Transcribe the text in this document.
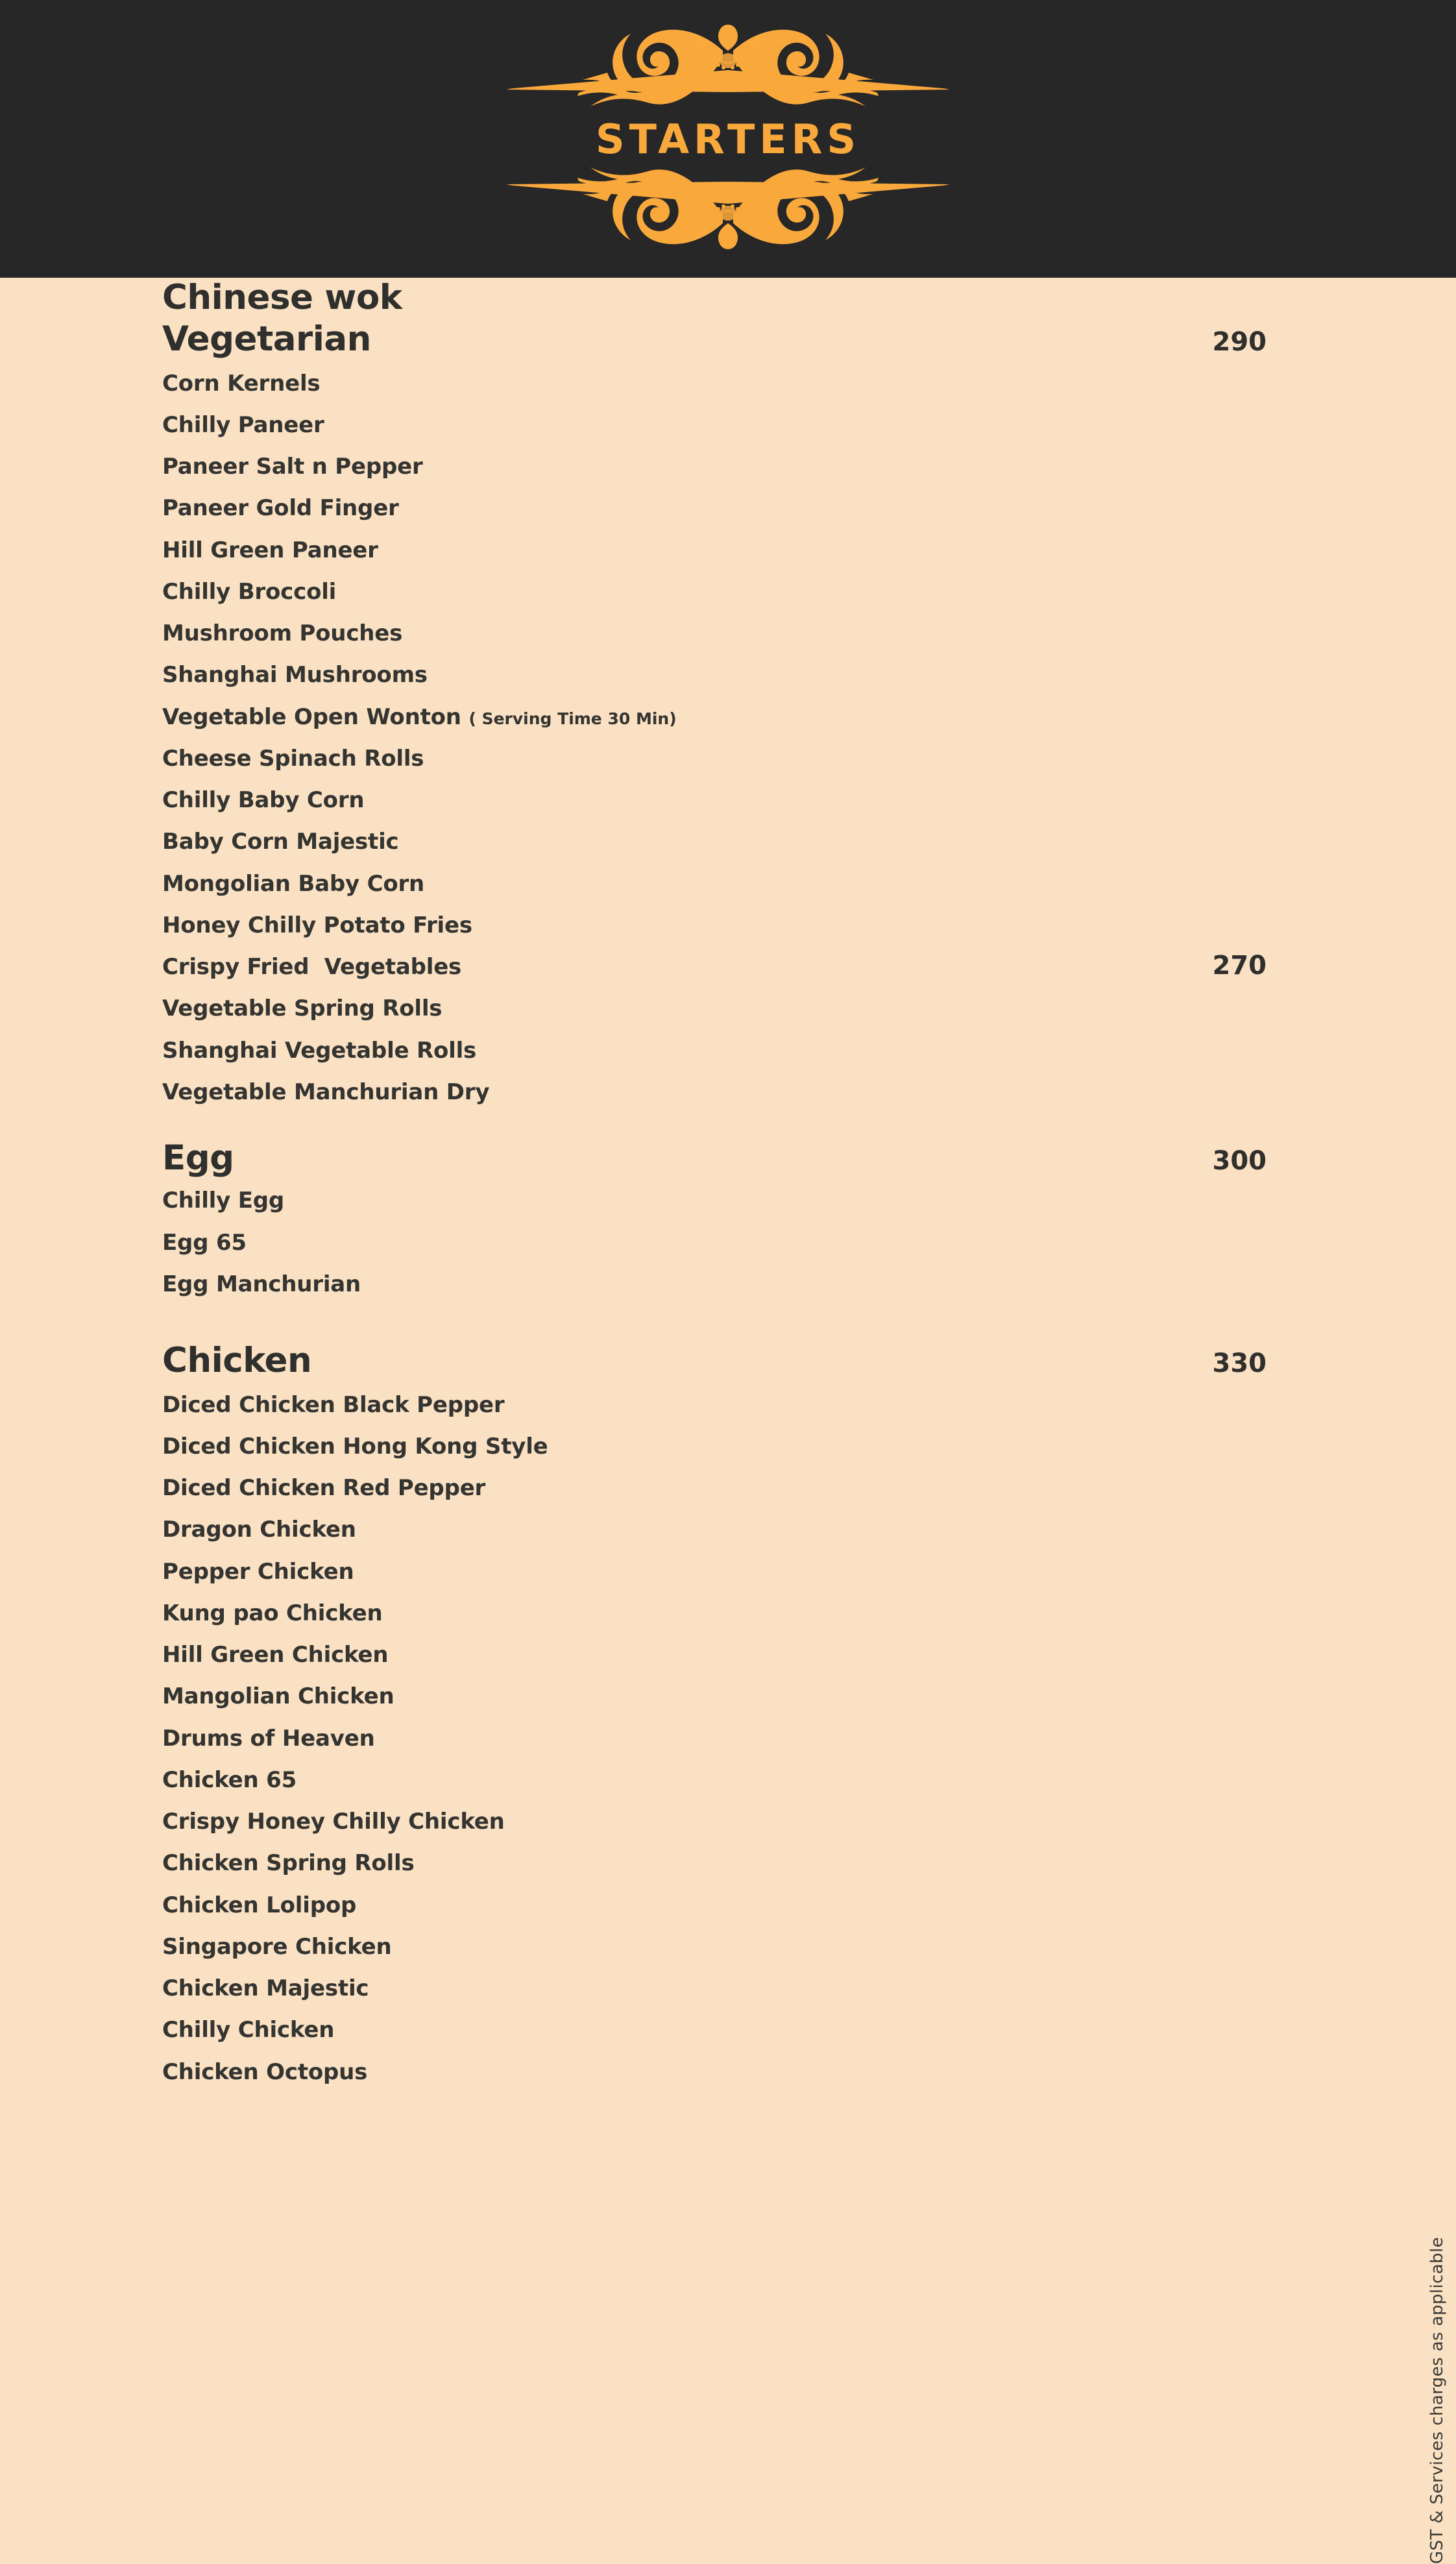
STARTERS
Chinese wok
Vegetarian	290
Corn Kernels
Chilly Paneer
Paneer Salt n Pepper
Paneer Gold Finger
Hill Green Paneer
Chilly Broccoli
Mushroom Pouches
Shanghai Mushrooms
Vegetable Open Wonton ( Serving Time 30 Min)
Cheese Spinach Rolls
Chilly Baby Corn
Baby Corn Majestic
Mongolian Baby Corn
Honey Chilly Potato Fries
Crispy Fried  Vegetables	270
Vegetable Spring Rolls
Shanghai Vegetable Rolls
Vegetable Manchurian Dry
Egg	300
Chilly Egg
Egg 65
Egg Manchurian
Chicken	330
Diced Chicken Black Pepper
Diced Chicken Hong Kong Style
Diced Chicken Red Pepper
Dragon Chicken
Pepper Chicken
Kung pao Chicken
Hill Green Chicken
Mangolian Chicken
Drums of Heaven
Chicken 65
Crispy Honey Chilly Chicken
Chicken Spring Rolls
Chicken Lolipop
Singapore Chicken
Chicken Majestic
Chilly Chicken
Chicken Octopus
GST & Services charges as applicable
